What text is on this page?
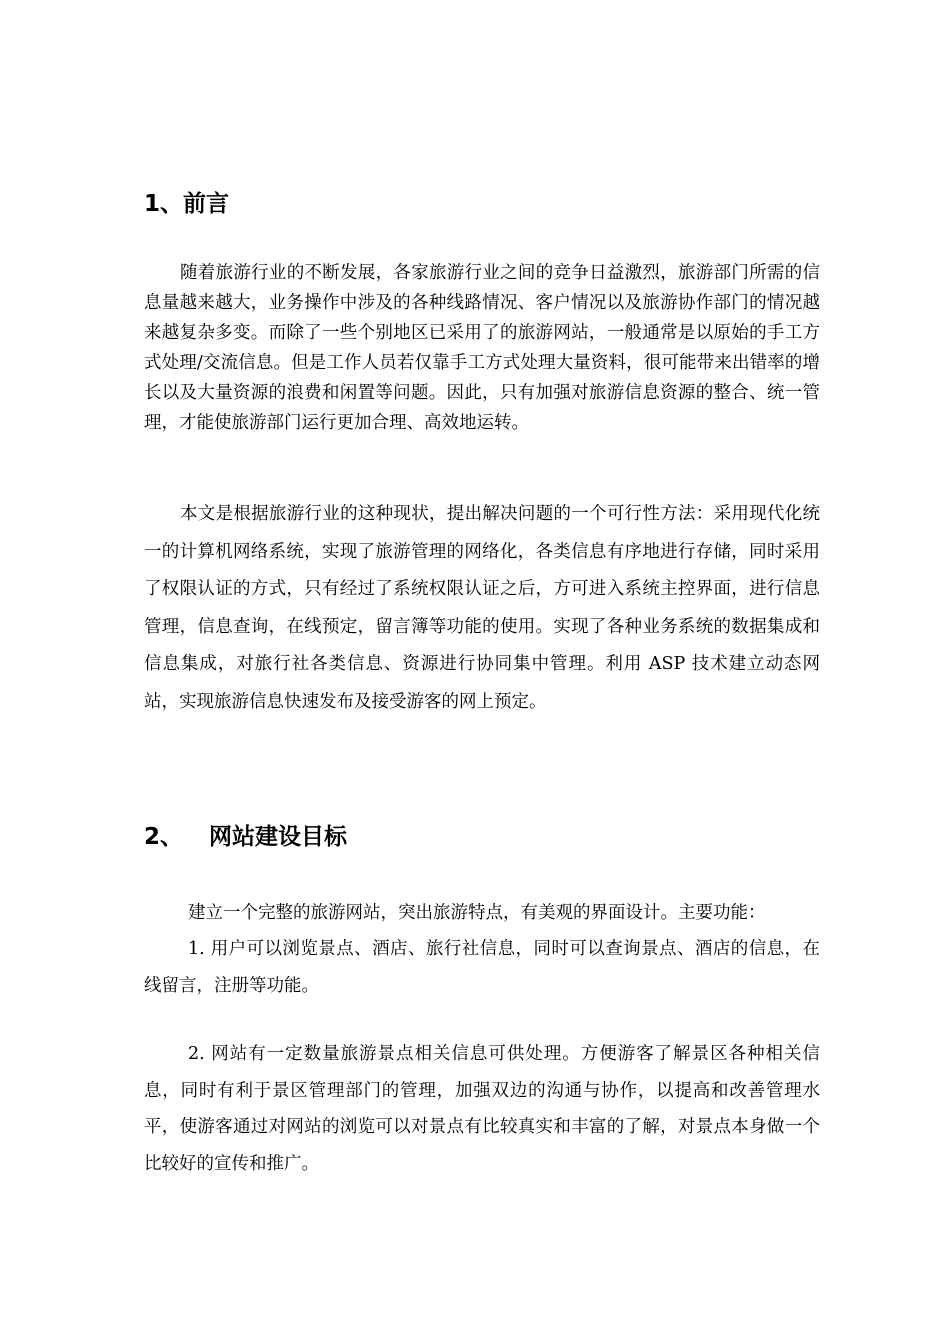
1、前言

随着旅游行业的不断发展，各家旅游行业之间的竞争日益激烈，旅游部门所需的信息量越来越大，业务操作中涉及的各种线路情况、客户情况以及旅游协作部门的情况越来越复杂多变。而除了一些个别地区已采用了的旅游网站，一般通常是以原始的手工方式处理/交流信息。但是工作人员若仅靠手工方式处理大量资料，很可能带来出错率的增长以及大量资源的浪费和闲置等问题。因此，只有加强对旅游信息资源的整合、统一管理，才能使旅游部门运行更加合理、高效地运转。

本文是根据旅游行业的这种现状，提出解决问题的一个可行性方法：采用现代化统一的计算机网络系统，实现了旅游管理的网络化，各类信息有序地进行存储，同时采用了权限认证的方式，只有经过了系统权限认证之后，方可进入系统主控界面，进行信息管理，信息查询，在线预定，留言簿等功能的使用。实现了各种业务系统的数据集成和信息集成，对旅行社各类信息、资源进行协同集中管理。利用 ASP 技术建立动态网站，实现旅游信息快速发布及接受游客的网上预定。

2、 网站建设目标

建立一个完整的旅游网站，突出旅游特点，有美观的界面设计。主要功能：

1. 用户可以浏览景点、酒店、旅行社信息，同时可以查询景点、酒店的信息，在线留言，注册等功能。

2. 网站有一定数量旅游景点相关信息可供处理。方便游客了解景区各种相关信息，同时有利于景区管理部门的管理，加强双边的沟通与协作，以提高和改善管理水平，使游客通过对网站的浏览可以对景点有比较真实和丰富的了解，对景点本身做一个比较好的宣传和推广。
